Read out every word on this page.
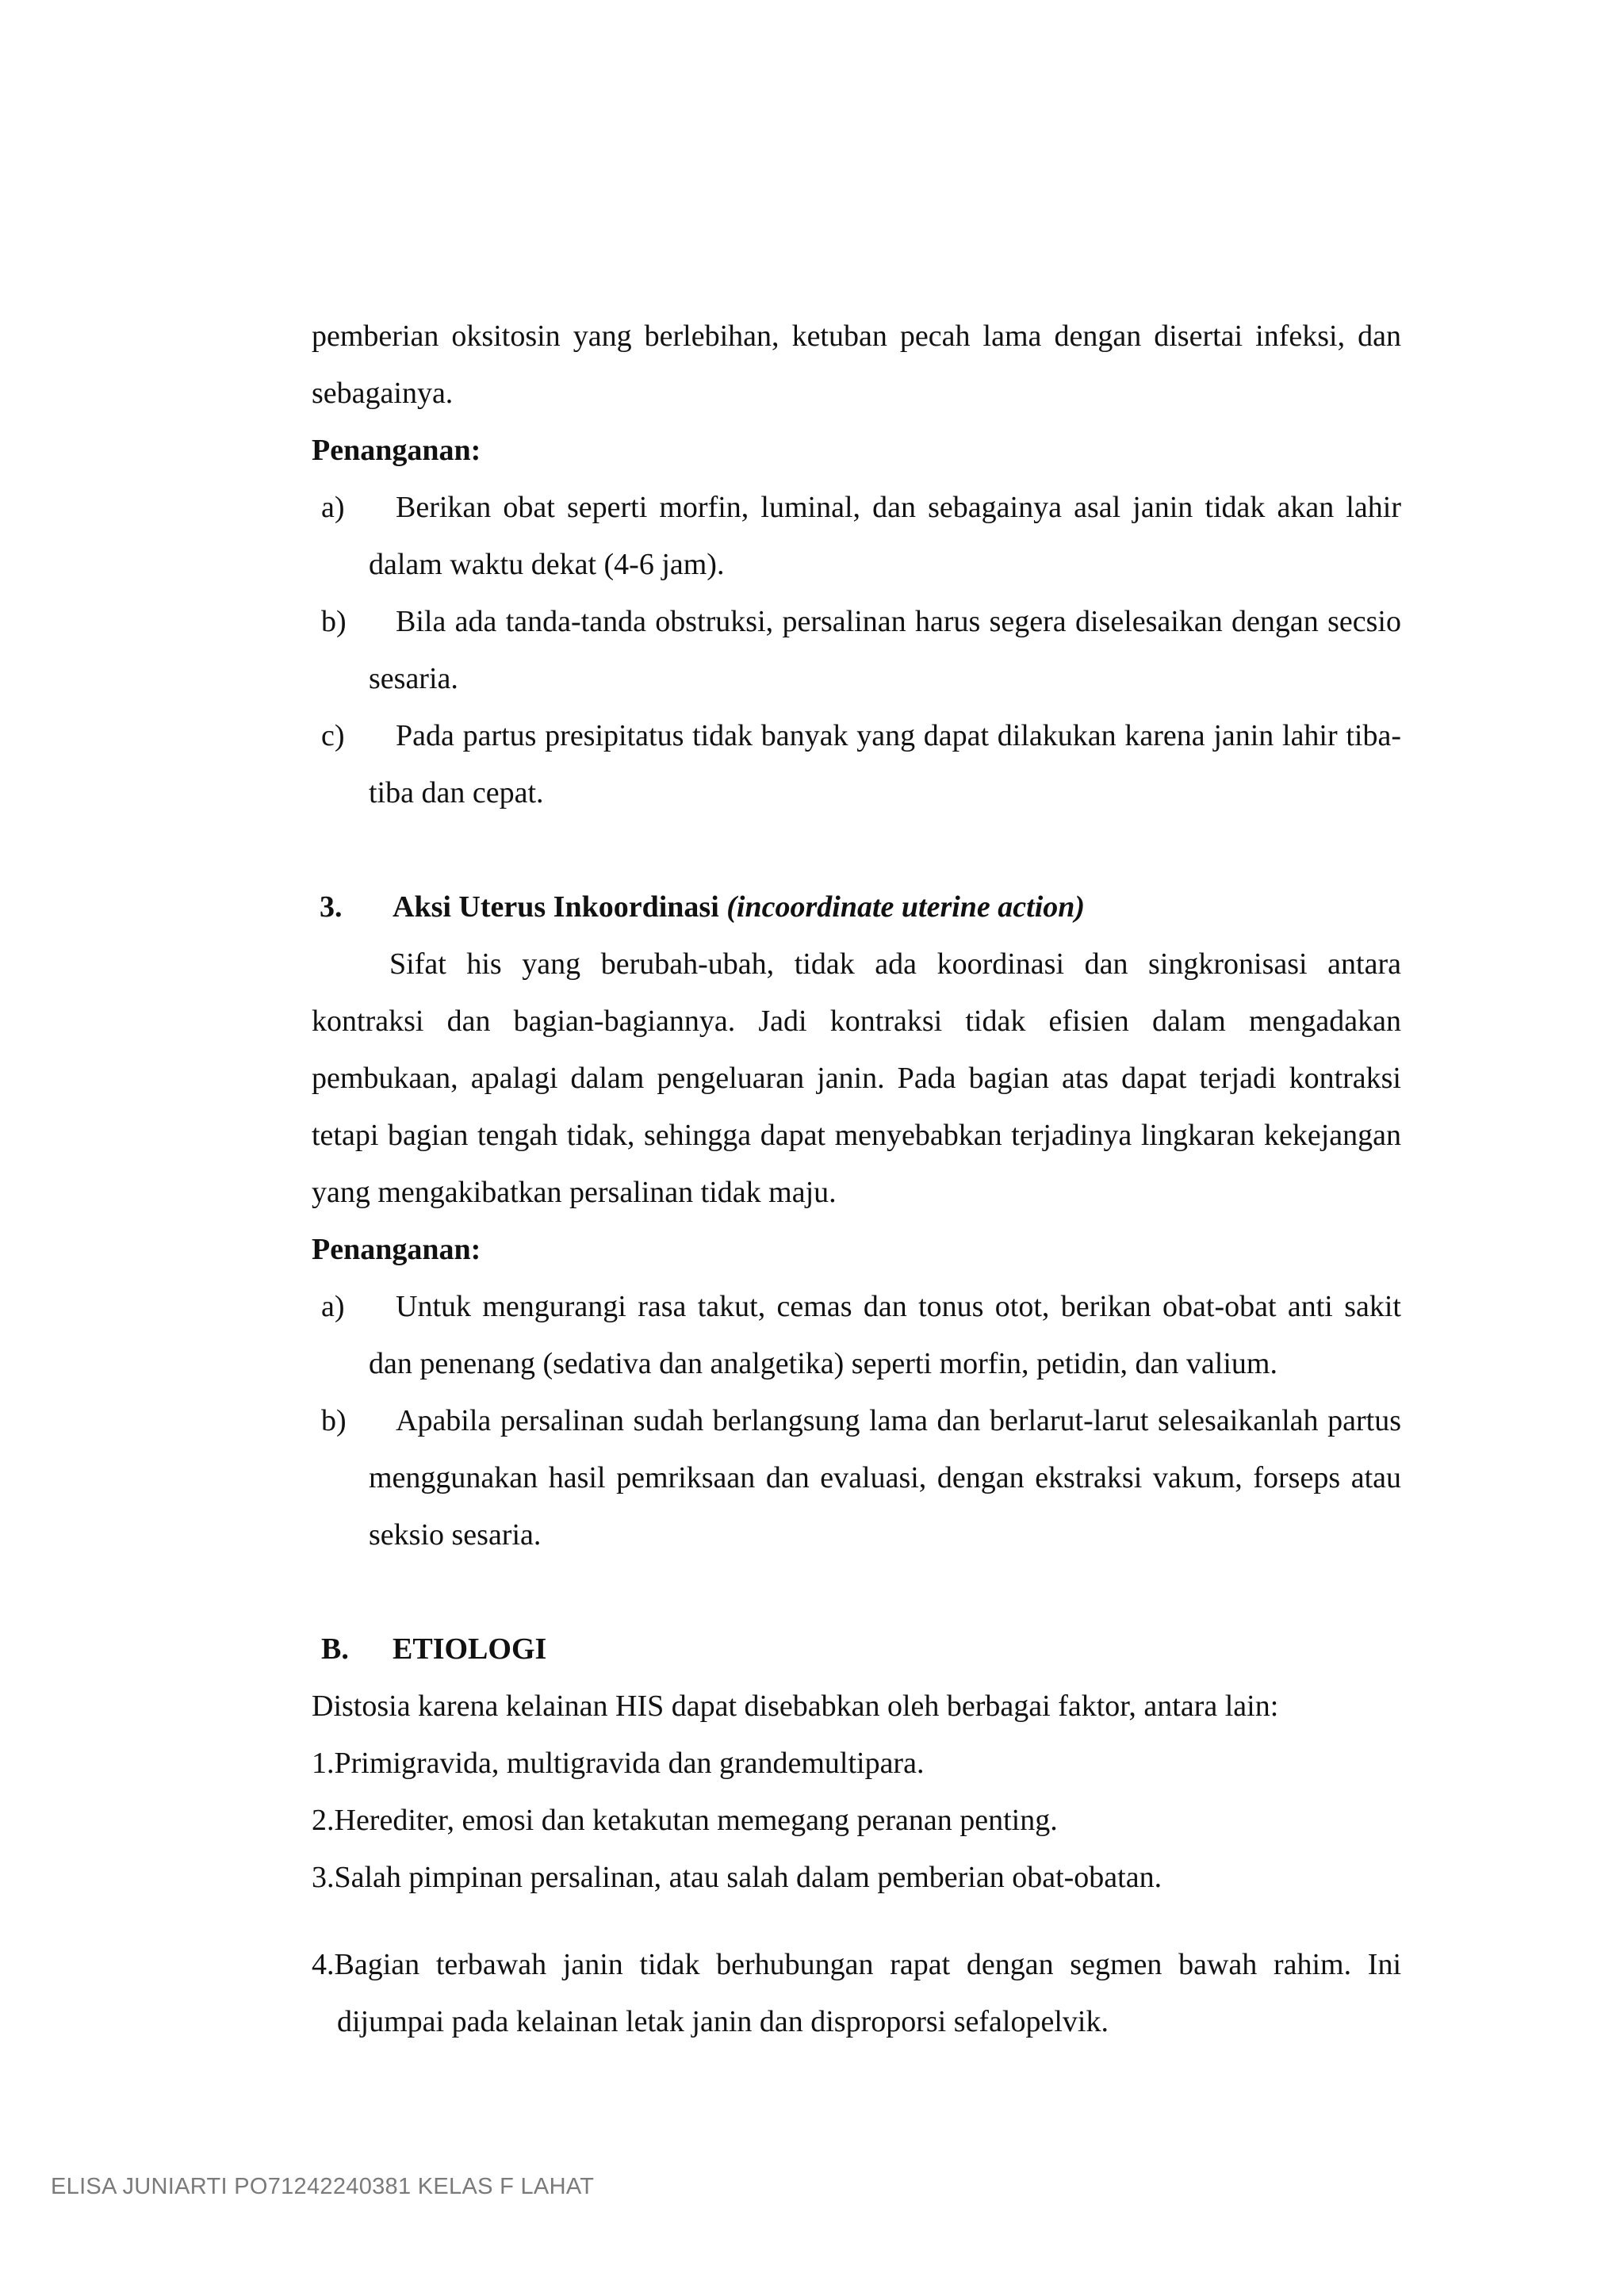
pemberian oksitosin yang berlebihan, ketuban pecah lama dengan disertai infeksi, dan sebagainya.

Penanganan:

a) Berikan obat seperti morfin, luminal, dan sebagainya asal janin tidak akan lahir dalam waktu dekat (4-6 jam).
b) Bila ada tanda-tanda obstruksi, persalinan harus segera diselesaikan dengan secsio sesaria.
c) Pada partus presipitatus tidak banyak yang dapat dilakukan karena janin lahir tiba-tiba dan cepat.
3.	Aksi Uterus Inkoordinasi (incoordinate uterine action)

Sifat his yang berubah-ubah, tidak ada koordinasi dan singkronisasi antara kontraksi dan bagian-bagiannya. Jadi kontraksi tidak efisien dalam mengadakan pembukaan, apalagi dalam pengeluaran janin. Pada bagian atas dapat terjadi kontraksi tetapi bagian tengah tidak, sehingga dapat menyebabkan terjadinya lingkaran kekejangan yang mengakibatkan persalinan tidak maju.

Penanganan:

a) Untuk mengurangi rasa takut, cemas dan tonus otot, berikan obat-obat anti sakit dan penenang (sedativa dan analgetika) seperti morfin, petidin, dan valium.
b) Apabila persalinan sudah berlangsung lama dan berlarut-larut selesaikanlah partus menggunakan hasil pemriksaan dan evaluasi, dengan ekstraksi vakum, forseps atau seksio sesaria.
B.	ETIOLOGI

Distosia karena kelainan HIS dapat disebabkan oleh berbagai faktor, antara lain:

1.Primigravida, multigravida dan grandemultipara.

2.Herediter, emosi dan ketakutan memegang peranan penting.

3.Salah pimpinan persalinan, atau salah dalam pemberian obat-obatan.

4.Bagian terbawah janin tidak berhubungan rapat dengan segmen bawah rahim. Ini dijumpai pada kelainan letak janin dan disproporsi sefalopelvik.

ELISA JUNIARTI PO71242240381 KELAS F LAHAT
